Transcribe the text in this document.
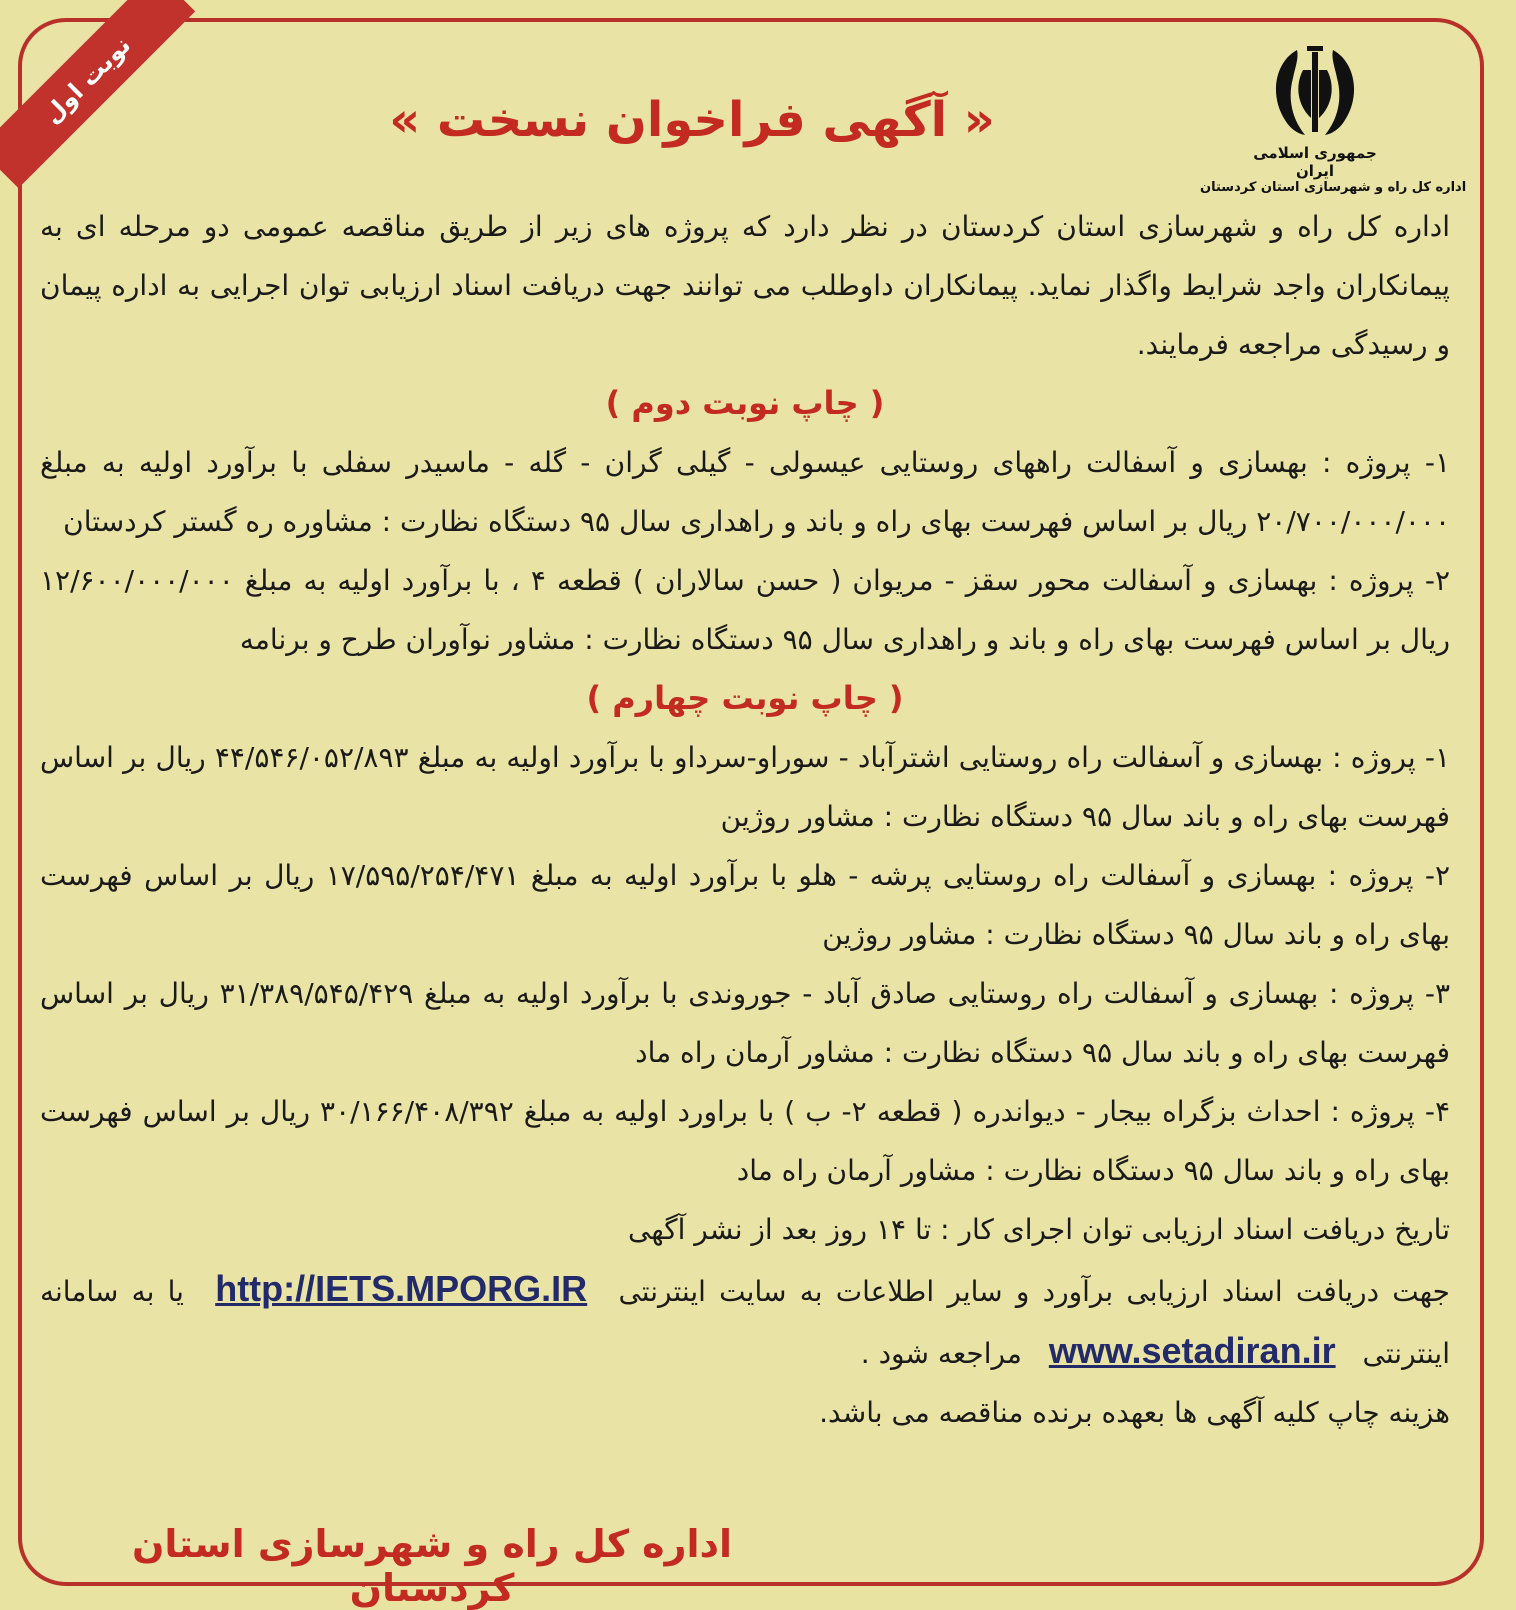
نوبت اول
جمهوری اسلامی ایران
اداره کل راه و شهرسازی استان کردستان
« آگهی فراخوان نسخت »

اداره کل راه و شهرسازی استان کردستان در نظر دارد که پروژه های زیر از طریق مناقصه عمومی دو مرحله ای به پیمانکاران واجد شرایط واگذار نماید. پیمانکاران داوطلب می توانند جهت دریافت اسناد ارزیابی توان اجرایی به اداره پیمان و رسیدگی مراجعه فرمایند.

( چاپ نوبت دوم )

۱- پروژه : بهسازی و آسفالت راههای روستایی عیسولی - گیلی گران - گله - ماسیدر سفلی با برآورد اولیه به مبلغ ۲۰/۷۰۰/۰۰۰/۰۰۰ ریال بر اساس فهرست بهای راه و باند و راهداری سال ۹۵ دستگاه نظارت : مشاوره ره گستر کردستان

۲- پروژه : بهسازی و آسفالت محور سقز - مریوان ( حسن سالاران ) قطعه ۴ ، با برآورد اولیه به مبلغ ۱۲/۶۰۰/۰۰۰/۰۰۰ ریال بر اساس فهرست بهای راه و باند و راهداری سال ۹۵ دستگاه نظارت : مشاور نوآوران طرح و برنامه

( چاپ نوبت چهارم )

۱- پروژه : بهسازی و آسفالت راه روستایی اشترآباد - سوراو-سرداو با برآورد اولیه به مبلغ ۴۴/۵۴۶/۰۵۲/۸۹۳ ریال بر اساس فهرست بهای راه و باند سال ۹۵ دستگاه نظارت : مشاور روژین

۲- پروژه : بهسازی و آسفالت راه روستایی پرشه - هلو با برآورد اولیه به مبلغ ۱۷/۵۹۵/۲۵۴/۴۷۱ ریال بر اساس فهرست بهای راه و باند سال ۹۵ دستگاه نظارت : مشاور روژین

۳- پروژه : بهسازی و آسفالت راه روستایی صادق آباد - جوروندی با برآورد اولیه به مبلغ ۳۱/۳۸۹/۵۴۵/۴۲۹ ریال بر اساس فهرست بهای راه و باند سال ۹۵ دستگاه نظارت : مشاور آرمان راه ماد

۴- پروژه : احداث بزگراه بیجار - دیواندره ( قطعه ۲- ب ) با براورد اولیه به مبلغ ۳۰/۱۶۶/۴۰۸/۳۹۲ ریال بر اساس فهرست بهای راه و باند سال ۹۵ دستگاه نظارت : مشاور آرمان راه ماد

تاریخ دریافت اسناد ارزیابی توان اجرای کار : تا ۱۴ روز بعد از نشر آگهی

جهت دریافت اسناد ارزیابی برآورد و سایر اطلاعات به سایت اینترنتی http://IETS.MPORG.IR یا به سامانه اینترنتی www.setadiran.ir مراجعه شود .

هزینه چاپ کلیه آگهی ها بعهده برنده مناقصه می باشد.

اداره کل راه و شهرسازی استان کردستان
